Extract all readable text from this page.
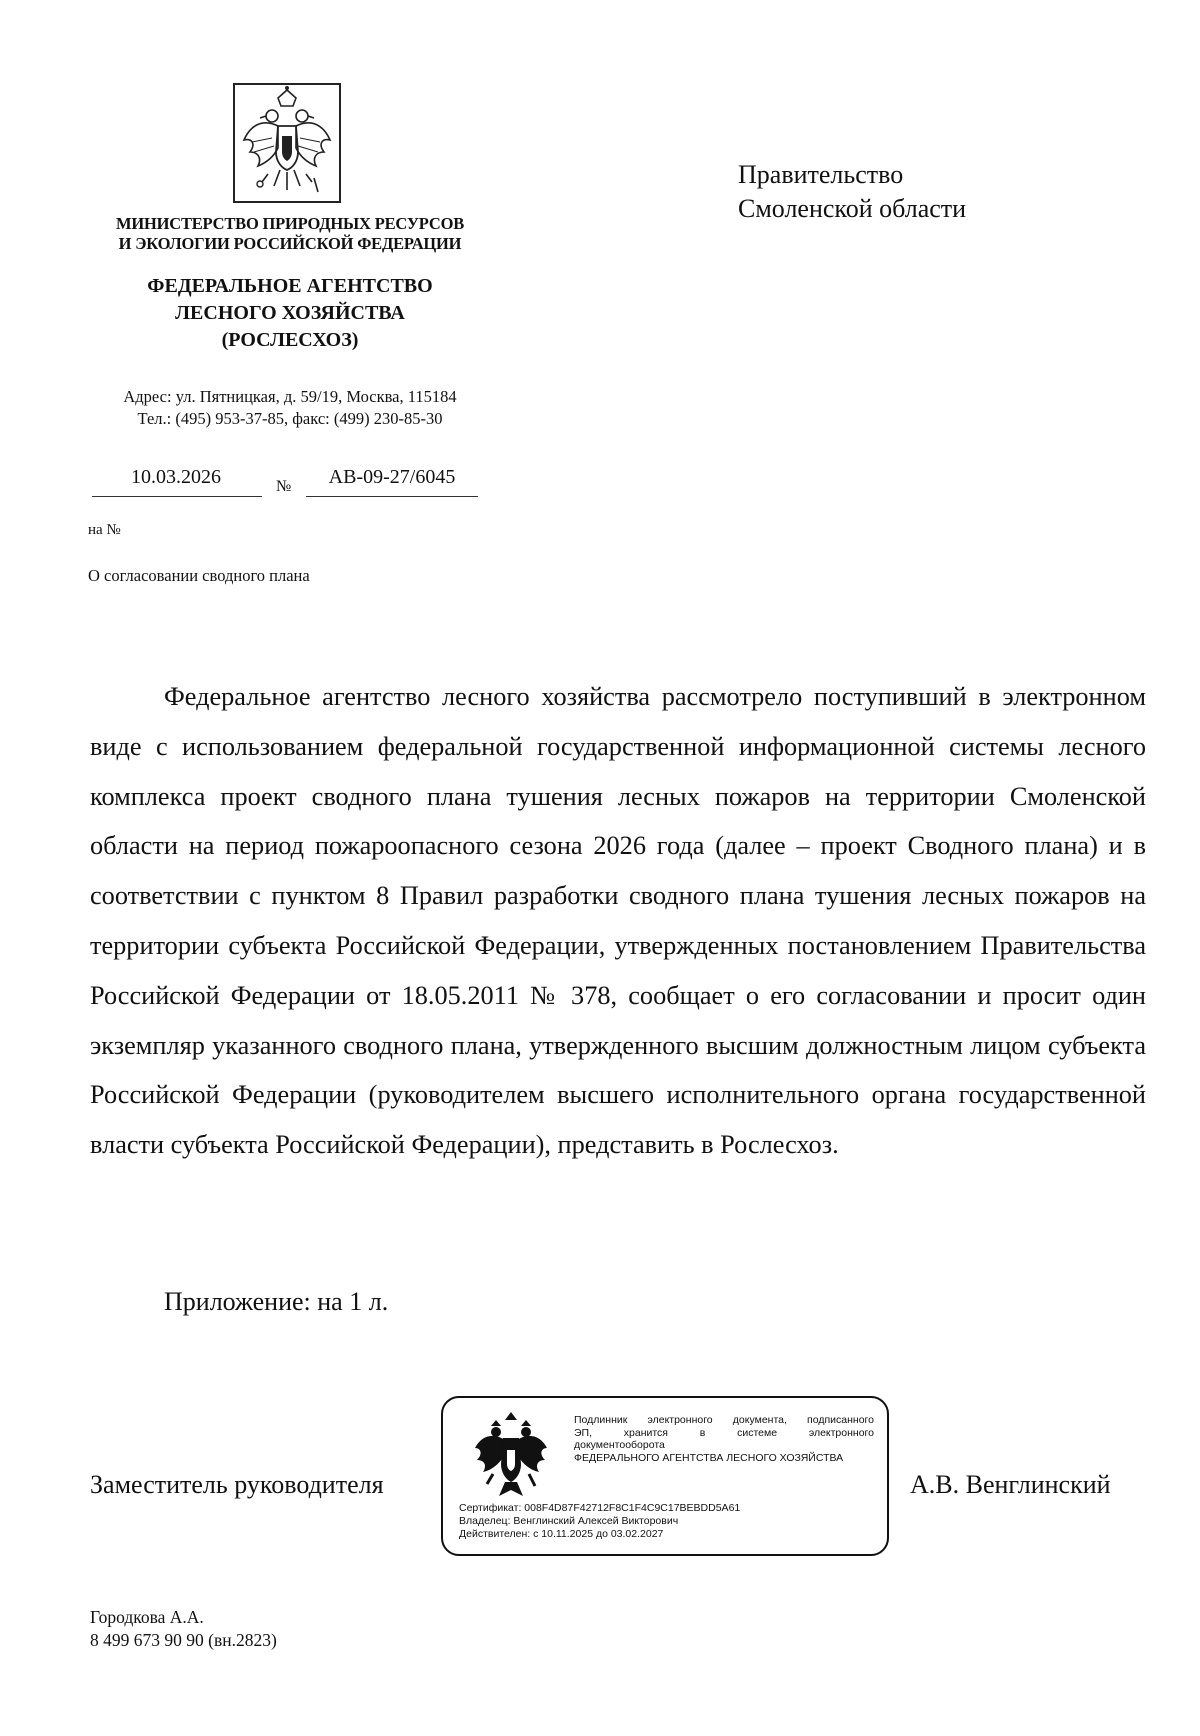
МИНИСТЕРСТВО ПРИРОДНЫХ РЕСУРСОВ
И ЭКОЛОГИИ РОССИЙСКОЙ ФЕДЕРАЦИИ
ФЕДЕРАЛЬНОЕ АГЕНТСТВО
ЛЕСНОГО ХОЗЯЙСТВА
(РОСЛЕСХОЗ)
Адрес: ул. Пятницкая, д. 59/19, Москва, 115184
Тел.: (495) 953-37-85, факс: (499) 230-85-30
10.03.2026	№	АВ-09-27/6045
на №
О согласовании сводного плана
Правительство
Смоленской области

Федеральное агентство лесного хозяйства рассмотрело поступивший в электронном виде с использованием федеральной государственной информационной системы лесного комплекса проект сводного плана тушения лесных пожаров на территории Смоленской области на период пожароопасного сезона 2026 года (далее – проект Сводного плана) и в соответствии с пунктом 8 Правил разработки сводного плана тушения лесных пожаров на территории субъекта Российской Федерации, утвержденных постановлением Правительства Российской Федерации от 18.05.2011 № 378, сообщает о его согласовании и просит один экземпляр указанного сводного плана, утвержденного высшим должностным лицом субъекта Российской Федерации (руководителем высшего исполнительного органа государственной власти субъекта Российской Федерации), представить в Рослесхоз.

Приложение: на 1 л.
Заместитель руководителя
Подлинник электронного документа, подписанного
ЭП, хранится в системе электронного
документооборота
ФЕДЕРАЛЬНОГО АГЕНТСТВА ЛЕСНОГО ХОЗЯЙСТВА
Сертификат: 008F4D87F42712F8C1F4C9C17BEBDD5A61
Владелец: Венглинский Алексей Викторович
Действителен: с 10.11.2025 до 03.02.2027
А.В. Венглинский
Городкова А.А.
8 499 673 90 90 (вн.2823)
